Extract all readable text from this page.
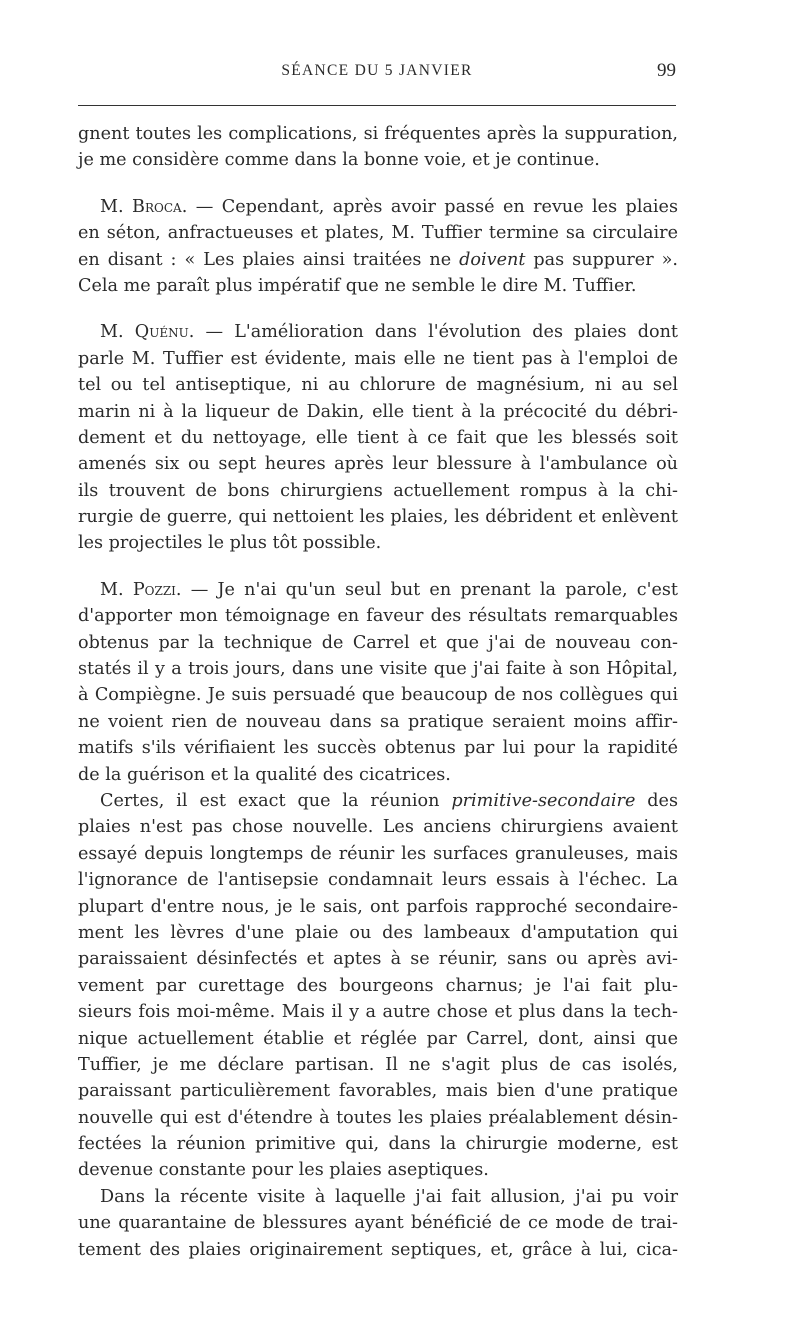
SÉANCE DU 5 JANVIER	99
gnent toutes les complications, si fréquentes après la suppuration,
je me considère comme dans la bonne voie, et je continue.
M. Broca. — Cependant, après avoir passé en revue les plaies
en séton, anfractueuses et plates, M. Tuffier termine sa circulaire
en disant : « Les plaies ainsi traitées ne doivent pas suppurer ».
Cela me paraît plus impératif que ne semble le dire M. Tuffier.
M. Quénu. — L'amélioration dans l'évolution des plaies dont
parle M. Tuffier est évidente, mais elle ne tient pas à l'emploi de
tel ou tel antiseptique, ni au chlorure de magnésium, ni au sel
marin ni à la liqueur de Dakin, elle tient à la précocité du débri-
dement et du nettoyage, elle tient à ce fait que les blessés soit
amenés six ou sept heures après leur blessure à l'ambulance où
ils trouvent de bons chirurgiens actuellement rompus à la chi-
rurgie de guerre, qui nettoient les plaies, les débrident et enlèvent
les projectiles le plus tôt possible.
M. Pozzi. — Je n'ai qu'un seul but en prenant la parole, c'est
d'apporter mon témoignage en faveur des résultats remarquables
obtenus par la technique de Carrel et que j'ai de nouveau con-
statés il y a trois jours, dans une visite que j'ai faite à son Hôpital,
à Compiègne. Je suis persuadé que beaucoup de nos collègues qui
ne voient rien de nouveau dans sa pratique seraient moins affir-
matifs s'ils vérifiaient les succès obtenus par lui pour la rapidité
de la guérison et la qualité des cicatrices.
Certes, il est exact que la réunion primitive-secondaire des
plaies n'est pas chose nouvelle. Les anciens chirurgiens avaient
essayé depuis longtemps de réunir les surfaces granuleuses, mais
l'ignorance de l'antisepsie condamnait leurs essais à l'échec. La
plupart d'entre nous, je le sais, ont parfois rapproché secondaire-
ment les lèvres d'une plaie ou des lambeaux d'amputation qui
paraissaient désinfectés et aptes à se réunir, sans ou après avi-
vement par curettage des bourgeons charnus; je l'ai fait plu-
sieurs fois moi-même. Mais il y a autre chose et plus dans la tech-
nique actuellement établie et réglée par Carrel, dont, ainsi que
Tuffier, je me déclare partisan. Il ne s'agit plus de cas isolés,
paraissant particulièrement favorables, mais bien d'une pratique
nouvelle qui est d'étendre à toutes les plaies préalablement désin-
fectées la réunion primitive qui, dans la chirurgie moderne, est
devenue constante pour les plaies aseptiques.
Dans la récente visite à laquelle j'ai fait allusion, j'ai pu voir
une quarantaine de blessures ayant bénéficié de ce mode de trai-
tement des plaies originairement septiques, et, grâce à lui, cica-
